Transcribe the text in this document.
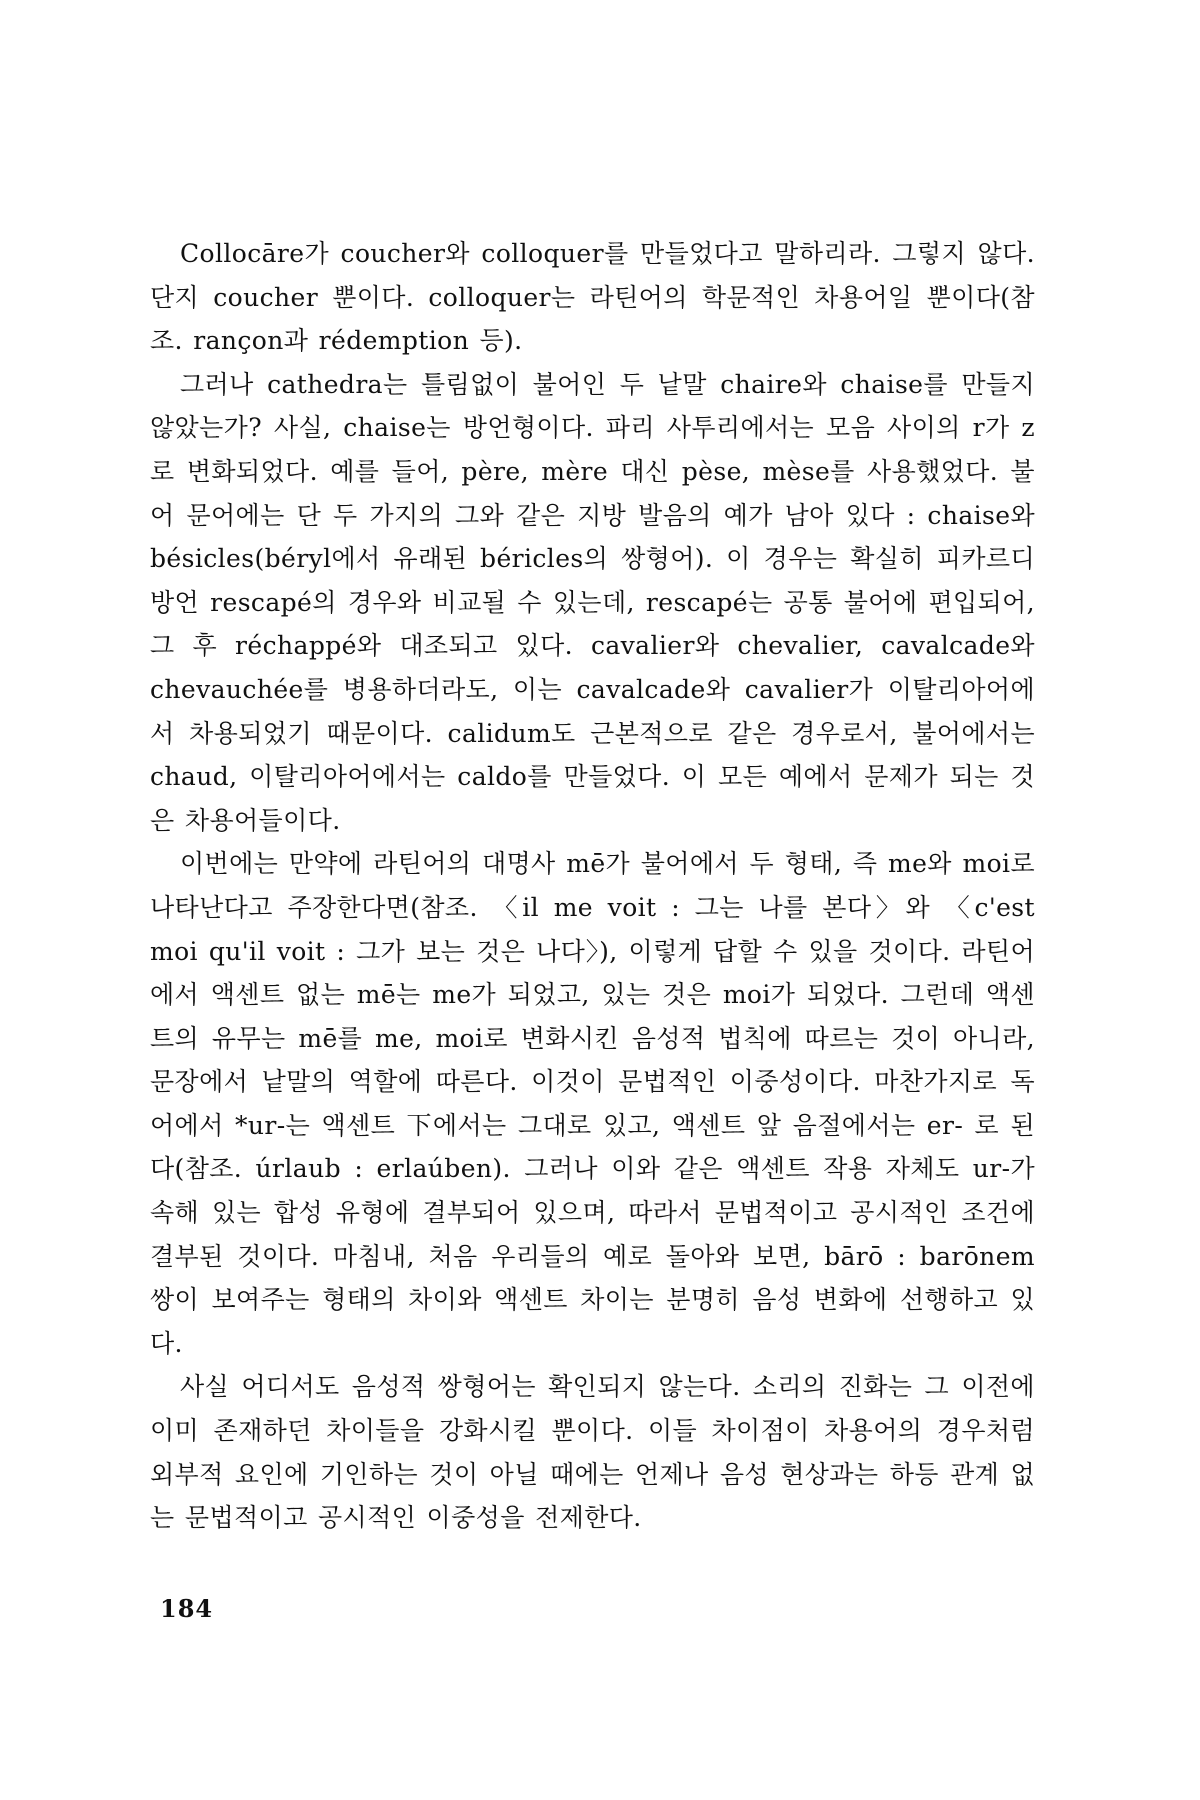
Collocāre가 coucher와 colloquer를 만들었다고 말하리라. 그렇지 않다. 단지 coucher 뿐이다. colloquer는 라틴어의 학문적인 차용어일 뿐이다(참조. rançon과 rédemption 등).

그러나 cathedra는 틀림없이 불어인 두 낱말 chaire와 chaise를 만들지 않았는가? 사실, chaise는 방언형이다. 파리 사투리에서는 모음 사이의 r가 z로 변화되었다. 예를 들어, père, mère 대신 pèse, mèse를 사용했었다. 불어 문어에는 단 두 가지의 그와 같은 지방 발음의 예가 남아 있다 : chaise와 bésicles(béryl에서 유래된 béricles의 쌍형어). 이 경우는 확실히 피카르디 방언 rescapé의 경우와 비교될 수 있는데, rescapé는 공통 불어에 편입되어, 그 후 réchappé와 대조되고 있다. cavalier와 chevalier, cavalcade와 chevauchée를 병용하더라도, 이는 cavalcade와 cavalier가 이탈리아어에서 차용되었기 때문이다. calidum도 근본적으로 같은 경우로서, 불어에서는 chaud, 이탈리아어에서는 caldo를 만들었다. 이 모든 예에서 문제가 되는 것은 차용어들이다.

이번에는 만약에 라틴어의 대명사 mē가 불어에서 두 형태, 즉 me와 moi로 나타난다고 주장한다면(참조. 〈il me voit : 그는 나를 본다〉와 〈c'est moi qu'il voit : 그가 보는 것은 나다〉), 이렇게 답할 수 있을 것이다. 라틴어에서 액센트 없는 mē는 me가 되었고, 있는 것은 moi가 되었다. 그런데 액센트의 유무는 mē를 me, moi로 변화시킨 음성적 법칙에 따르는 것이 아니라, 문장에서 낱말의 역할에 따른다. 이것이 문법적인 이중성이다. 마찬가지로 독어에서 *ur-는 액센트 下에서는 그대로 있고, 액센트 앞 음절에서는 er- 로 된다(참조. úrlaub : erlaúben). 그러나 이와 같은 액센트 작용 자체도 ur-가 속해 있는 합성 유형에 결부되어 있으며, 따라서 문법적이고 공시적인 조건에 결부된 것이다. 마침내, 처음 우리들의 예로 돌아와 보면, bārō : barōnem 쌍이 보여주는 형태의 차이와 액센트 차이는 분명히 음성 변화에 선행하고 있다.

사실 어디서도 음성적 쌍형어는 확인되지 않는다. 소리의 진화는 그 이전에 이미 존재하던 차이들을 강화시킬 뿐이다. 이들 차이점이 차용어의 경우처럼 외부적 요인에 기인하는 것이 아닐 때에는 언제나 음성 현상과는 하등 관계 없는 문법적이고 공시적인 이중성을 전제한다.

184
